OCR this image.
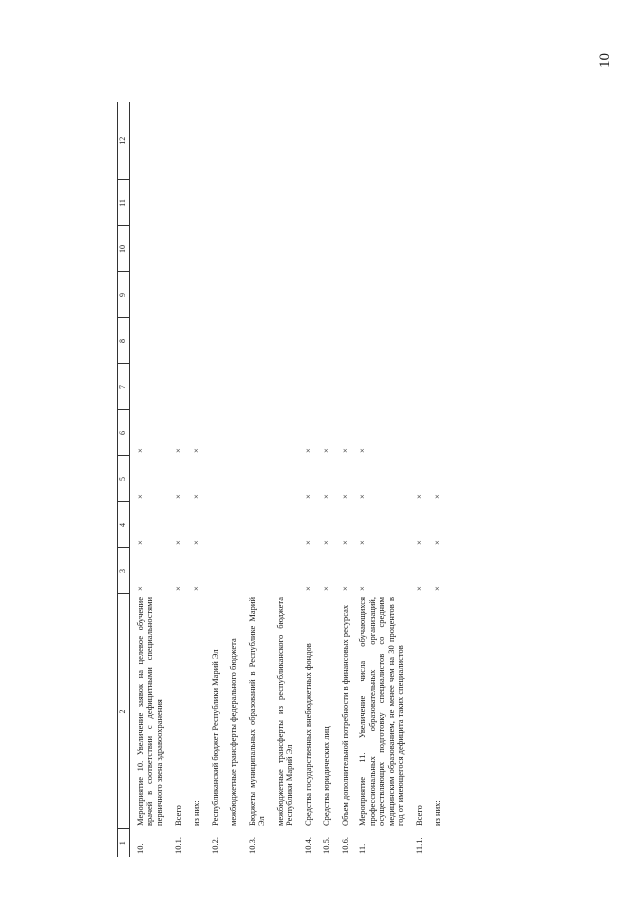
10
1	2	3	4	5	6	7	8	9	10	11	12
10.	Мероприятие 10. Увеличение заявок на целевое обучение врачей в соответствии с дефицитными специальностями первичного звена здравоохранения	×	×	×	×						
10.1.	Всего	×	×	×	×						
	из них:	×	×	×	×						
10.2.	Республиканский бюджет Республики Марий Эл										
	межбюджетные трансферты федерального бюджета										
10.3.	Бюджеты муниципальных образований в Республике Марий Эл										
	межбюджетные трансферты из республиканского бюджета Республики Марий Эл										
10.4.	Средства государственных внебюджетных фондов	×	×	×	×						
10.5.	Средства юридических лиц	×	×	×	×						
10.6.	Объем дополнительной потребности в финансовых ресурсах	×	×	×	×						
11.	Мероприятие 11. Увеличение числа обучающихся профессиональных образовательных организаций, осуществляющих подготовку специалистов со средним медицинским образованием, не менее чем на 30 процентов в год от имеющегося дефицита таких специалистов	×	×	×	×						
11.1.	Всего	×	×	×							
	из них:	×	×	×							
